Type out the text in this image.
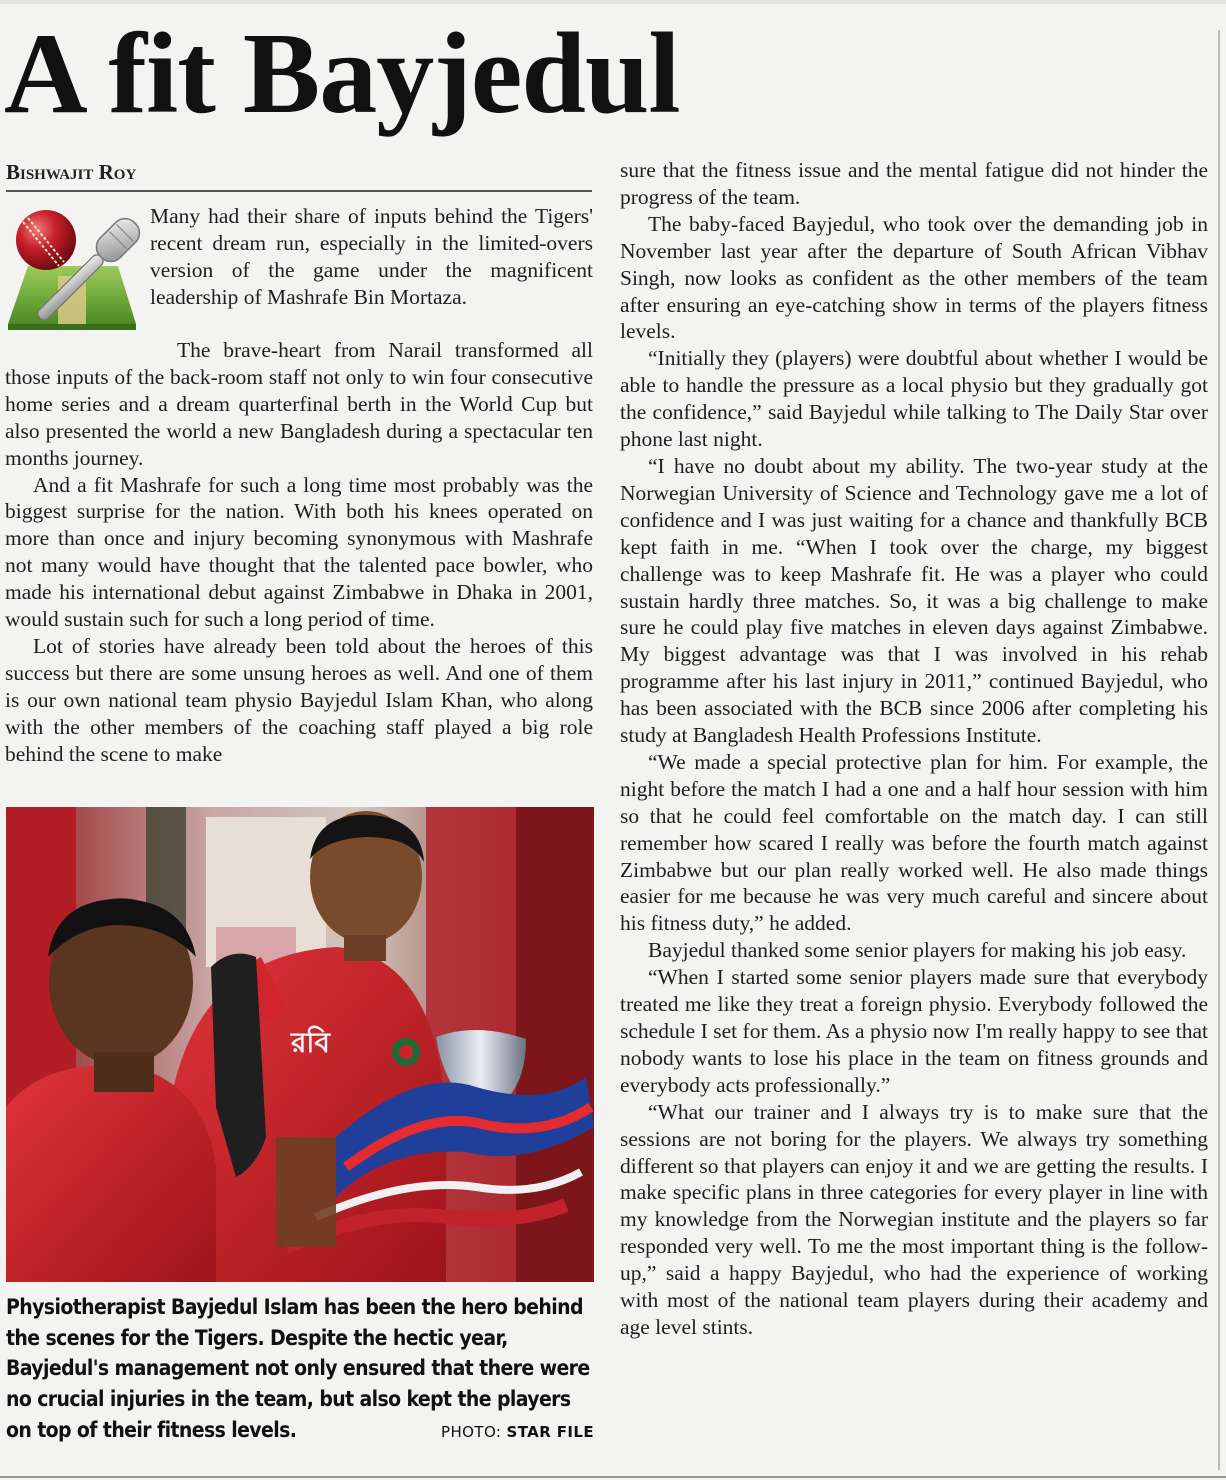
A fit Bayjedul
Bishwajit Roy

Many had their share of inputs behind the Tigers' recent dream run, especially in the limited-overs version of the game under the magnificent leadership of Mashrafe Bin Mortaza.

The brave-heart from Narail transformed all those inputs of the back-room staff not only to win four consecutive home series and a dream quarterfinal berth in the World Cup but also presented the world a new Bangladesh during a spectacular ten months journey.

And a fit Mashrafe for such a long time most probably was the biggest surprise for the nation. With both his knees operated on more than once and injury becoming synonymous with Mashrafe not many would have thought that the talented pace bowler, who made his international debut against Zimbabwe in Dhaka in 2001, would sustain such for such a long period of time.

Lot of stories have already been told about the heroes of this success but there are some unsung heroes as well. And one of them is our own national team physio Bayjedul Islam Khan, who along with the other members of the coaching staff played a big role behind the scene to make

রবি
Physiotherapist Bayjedul Islam has been the hero behind the scenes for the Tigers. Despite the hectic year, Bayjedul's management not only ensured that there were no crucial injuries in the team, but also kept the players on top of their fitness levels.	PHOTO: STAR FILE

sure that the fitness issue and the mental fatigue did not hinder the progress of the team.

The baby-faced Bayjedul, who took over the demanding job in November last year after the departure of South African Vibhav Singh, now looks as confident as the other members of the team after ensuring an eye-catching show in terms of the players fitness levels.

“Initially they (players) were doubtful about whether I would be able to handle the pressure as a local physio but they gradually got the confidence,” said Bayjedul while talking to The Daily Star over phone last night.

“I have no doubt about my ability. The two-year study at the Norwegian University of Science and Technology gave me a lot of confidence and I was just waiting for a chance and thankfully BCB kept faith in me. “When I took over the charge, my biggest challenge was to keep Mashrafe fit. He was a player who could sustain hardly three matches. So, it was a big challenge to make sure he could play five matches in eleven days against Zimbabwe. My biggest advantage was that I was involved in his rehab programme after his last injury in 2011,” continued Bayjedul, who has been associated with the BCB since 2006 after completing his study at Bangladesh Health Professions Institute.

“We made a special protective plan for him. For example, the night before the match I had a one and a half hour session with him so that he could feel comfortable on the match day. I can still remember how scared I really was before the fourth match against Zimbabwe but our plan really worked well. He also made things easier for me because he was very much careful and sincere about his fitness duty,” he added.

Bayjedul thanked some senior players for making his job easy.

“When I started some senior players made sure that everybody treated me like they treat a foreign physio. Everybody followed the schedule I set for them. As a physio now I'm really happy to see that nobody wants to lose his place in the team on fitness grounds and everybody acts professionally.”

“What our trainer and I always try is to make sure that the sessions are not boring for the players. We always try something different so that players can enjoy it and we are getting the results. I make specific plans in three categories for every player in line with my knowledge from the Norwegian institute and the players so far responded very well. To me the most important thing is the follow-up,” said a happy Bayjedul, who had the experience of working with most of the national team players during their academy and age level stints.
